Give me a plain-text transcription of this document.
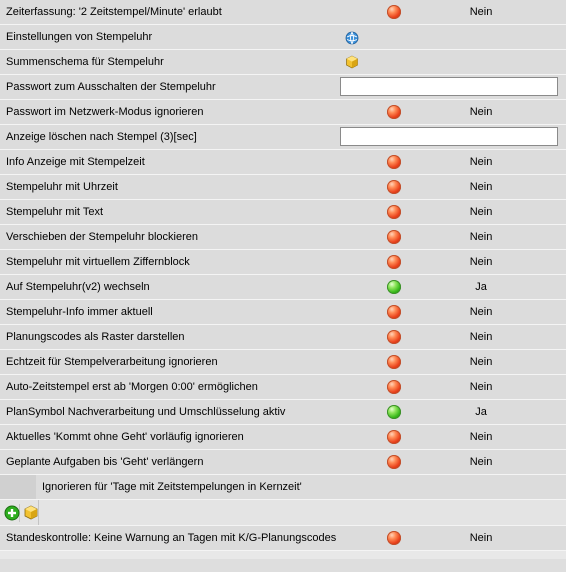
Zeiterfassung: '2 Zeitstempel/Minute' erlaubt	Nein
Einstellungen von Stempeluhr
Summenschema für Stempeluhr
Passwort zum Ausschalten der Stempeluhr
Passwort im Netzwerk-Modus ignorieren	Nein
Anzeige löschen nach Stempel (3)[sec]
Info Anzeige mit Stempelzeit	Nein
Stempeluhr mit Uhrzeit	Nein
Stempeluhr mit Text	Nein
Verschieben der Stempeluhr blockieren	Nein
Stempeluhr mit virtuellem Ziffernblock	Nein
Auf Stempeluhr(v2) wechseln	Ja
Stempeluhr-Info immer aktuell	Nein
Planungscodes als Raster darstellen	Nein
Echtzeit für Stempelverarbeitung ignorieren	Nein
Auto-Zeitstempel erst ab 'Morgen 0:00' ermöglichen	Nein
PlanSymbol Nachverarbeitung und Umschlüsselung aktiv	Ja
Aktuelles 'Kommt ohne Geht' vorläufig ignorieren	Nein
Geplante Aufgaben bis 'Geht' verlängern	Nein
Ignorieren für 'Tage mit Zeitstempelungen in Kernzeit'
Standeskontrolle: Keine Warnung an Tagen mit K/G-Planungscodes	Nein
